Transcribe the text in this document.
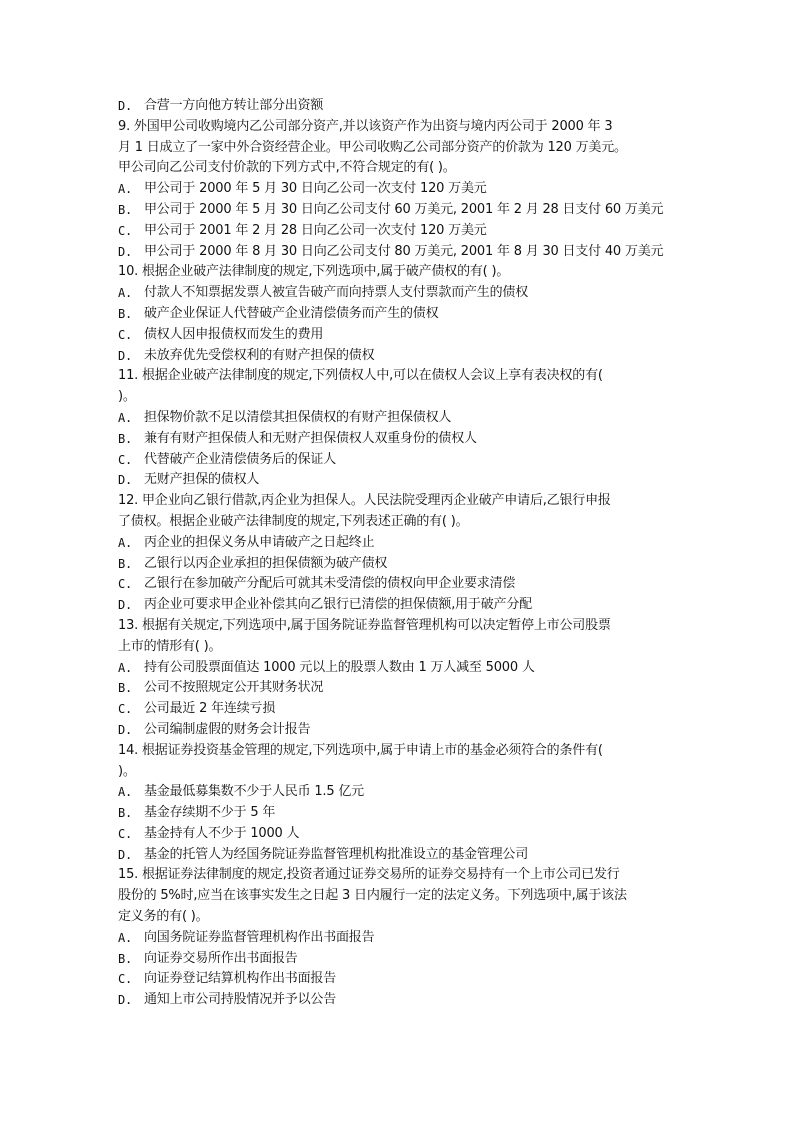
D. 合营一方向他方转让部分出资额
9. 外国甲公司收购境内乙公司部分资产,并以该资产作为出资与境内丙公司于 2000 年 3
月 1 日成立了一家中外合资经营企业。甲公司收购乙公司部分资产的价款为 120 万美元。
甲公司向乙公司支付价款的下列方式中,不符合规定的有( )。
A. 甲公司于 2000 年 5 月 30 日向乙公司一次支付 120 万美元
B. 甲公司于 2000 年 5 月 30 日向乙公司支付 60 万美元, 2001 年 2 月 28 日支付 60 万美元
C. 甲公司于 2001 年 2 月 28 日向乙公司一次支付 120 万美元
D. 甲公司于 2000 年 8 月 30 日向乙公司支付 80 万美元, 2001 年 8 月 30 日支付 40 万美元
10. 根据企业破产法律制度的规定,下列选项中,属于破产债权的有( )。
A. 付款人不知票据发票人被宣告破产而向持票人支付票款而产生的债权
B. 破产企业保证人代替破产企业清偿债务而产生的债权
C. 债权人因申报债权而发生的费用
D. 未放弃优先受偿权利的有财产担保的债权
11. 根据企业破产法律制度的规定,下列债权人中,可以在债权人会议上享有表决权的有(
)。
A. 担保物价款不足以清偿其担保债权的有财产担保债权人
B. 兼有有财产担保债人和无财产担保债权人双重身份的债权人
C. 代替破产企业清偿债务后的保证人
D. 无财产担保的债权人
12. 甲企业向乙银行借款,丙企业为担保人。人民法院受理丙企业破产申请后,乙银行申报
了债权。根据企业破产法律制度的规定,下列表述正确的有( )。
A. 丙企业的担保义务从申请破产之日起终止
B. 乙银行以丙企业承担的担保债额为破产债权
C. 乙银行在参加破产分配后可就其未受清偿的债权向甲企业要求清偿
D. 丙企业可要求甲企业补偿其向乙银行已清偿的担保债额,用于破产分配
13. 根据有关规定,下列选项中,属于国务院证券监督管理机构可以决定暂停上市公司股票
上市的情形有( )。
A. 持有公司股票面值达 1000 元以上的股票人数由 1 万人减至 5000 人
B. 公司不按照规定公开其财务状况
C. 公司最近 2 年连续亏损
D. 公司编制虚假的财务会计报告
14. 根据证券投资基金管理的规定,下列选项中,属于申请上市的基金必须符合的条件有(
)。
A. 基金最低募集数不少于人民币 1.5 亿元
B. 基金存续期不少于 5 年
C. 基金持有人不少于 1000 人
D. 基金的托管人为经国务院证券监督管理机构批准设立的基金管理公司
15. 根据证券法律制度的规定,投资者通过证券交易所的证券交易持有一个上市公司已发行
股份的 5%时,应当在该事实发生之日起 3 日内履行一定的法定义务。下列选项中,属于该法
定义务的有( )。
A. 向国务院证券监督管理机构作出书面报告
B. 向证券交易所作出书面报告
C. 向证券登记结算机构作出书面报告
D. 通知上市公司持股情况并予以公告
